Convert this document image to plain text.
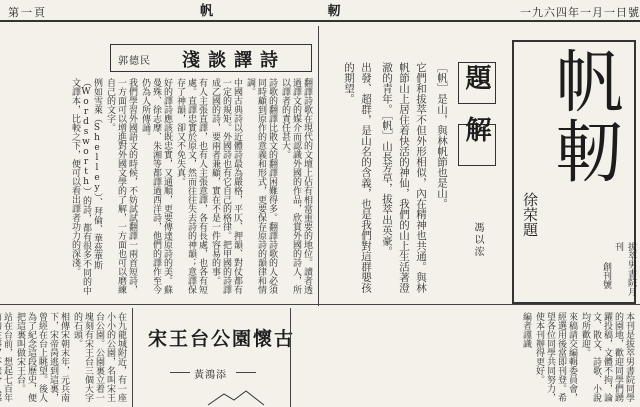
第一頁	帆 　 　 　 　 軔	一九六四年一月一日號
帆軔
徐荣題
拔萃男書院月刊
創刊號
題解
馮以浤

［帆］是山，與林帆節也是山。

它們和拔萃不但外形相似，內在精神也共通。與林帆節山上居住着快活的神仙，我們的山上生活著澄澈的青年。［帆］山長芳草，拔萃出英豪。

出發、超群，是山名的含義，也是我們對這群嬰孩的期望。

淺談譯詩
郭德民

翻譯詩歌在現代的文壇上佔有相當重要的地位。讀者透過譯文的媒介而認識外國的作品，欣賞外國的詩人，所以譯者的責任甚大。

詩歌的翻譯比散文的翻譯困難得多。翻譯詩歌的人必須同時顧到原作的意義和形式，更要保存原詩的韻律和情調。

中國古典詩以近體詩最為嚴格，平仄、押韻、對仗都有一定的規矩。外國詩也有它自己的格律。把甲國的詩譯成乙國的詩，要兩者兼顧，實在不是一件容易的事。

有人主張直譯，也有人主張意譯，各有長處，也各有短處。直譯忠實於原文，然而往往失去詩的神韻；意譯保存了神韻，卻又不免失真。

好的譯詩應該既忠實，又通順，更要傳達原詩的美。蘇曼殊、徐志摩、朱湘等都譯過西洋詩，他們的譯作至今仍為人所傳誦。

我們學習外國語文的時候，不妨試試翻譯一兩首短詩，一方面可以增進對外國文學的了解，一方面也可以磨練自己的文字。

例如雪萊（Shelley）、拜倫、華茲華斯（Wordsworth）的詩，都有很多不同的中文譯本，比較之下，便可以看出譯者功力的深淺。

在九龍城附近，有一座小小的公園，名叫宋王台公園。公園裏立着一塊刻有宋王台三個大字的石頭。

相傳宋朝末年，元兵南下，宋帝昺逃到這裏，曾經在台上眺望。後人為了紀念這段歷史，便把這裏叫做宋王台。

站在台前，想起七百年

宋王台公園懷古
黃鴻添	本刊是拔萃男書院同學的園地，歡迎同學們踴躍投稿，文體不拘，論文、散文、詩歌、小說均所歡迎。

來稿請交編輯委員會，經選用後當即刊登。希望各位同學共同努力，使本刊辦得更好。

編者謹識
